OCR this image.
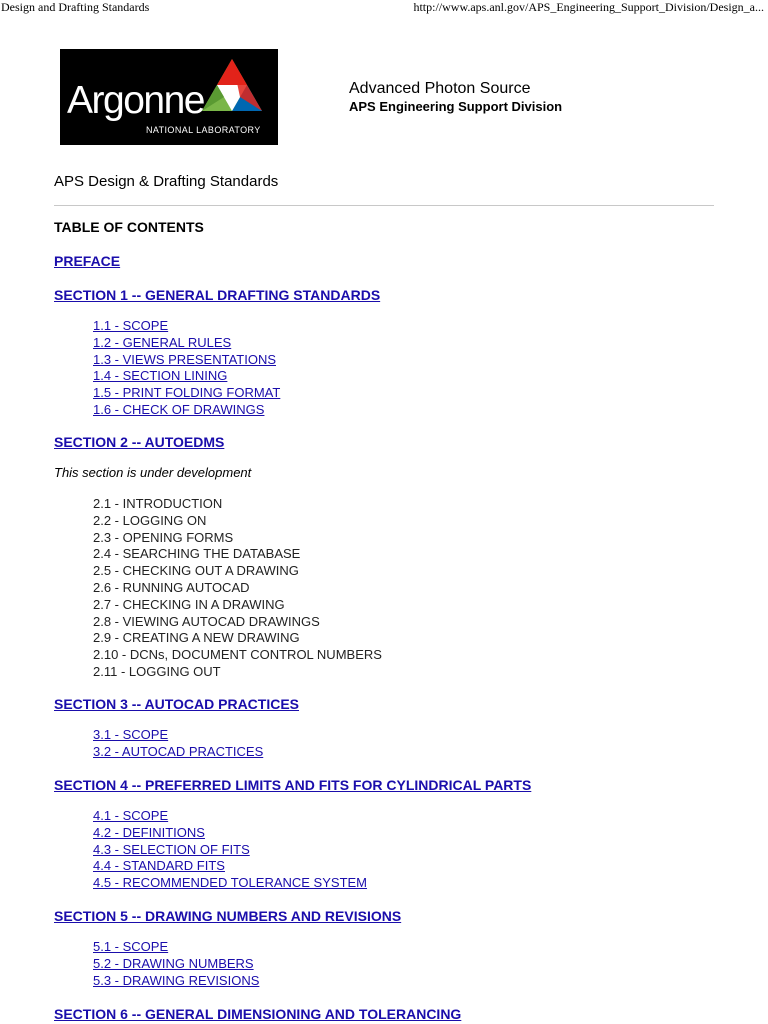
Design and Drafting Standards	http://www.aps.anl.gov/APS_Engineering_Support_Division/Design_a...
Argonne
NATIONAL LABORATORY
Advanced Photon Source
APS Engineering Support Division
APS Design & Drafting Standards
TABLE OF CONTENTS
PREFACE
SECTION 1 -- GENERAL DRAFTING STANDARDS
1.1 - SCOPE
1.2 - GENERAL RULES
1.3 - VIEWS PRESENTATIONS
1.4 - SECTION LINING
1.5 - PRINT FOLDING FORMAT
1.6 - CHECK OF DRAWINGS
SECTION 2 -- AUTOEDMS
This section is under development
2.1 - INTRODUCTION
2.2 - LOGGING ON
2.3 - OPENING FORMS
2.4 - SEARCHING THE DATABASE
2.5 - CHECKING OUT A DRAWING
2.6 - RUNNING AUTOCAD
2.7 - CHECKING IN A DRAWING
2.8 - VIEWING AUTOCAD DRAWINGS
2.9 - CREATING A NEW DRAWING
2.10 - DCNs, DOCUMENT CONTROL NUMBERS
2.11 - LOGGING OUT
SECTION 3 -- AUTOCAD PRACTICES
3.1 - SCOPE
3.2 - AUTOCAD PRACTICES
SECTION 4 -- PREFERRED LIMITS AND FITS FOR CYLINDRICAL PARTS
4.1 - SCOPE
4.2 - DEFINITIONS
4.3 - SELECTION OF FITS
4.4 - STANDARD FITS
4.5 - RECOMMENDED TOLERANCE SYSTEM
SECTION 5 -- DRAWING NUMBERS AND REVISIONS
5.1 - SCOPE
5.2 - DRAWING NUMBERS
5.3 - DRAWING REVISIONS
SECTION 6 -- GENERAL DIMENSIONING AND TOLERANCING
